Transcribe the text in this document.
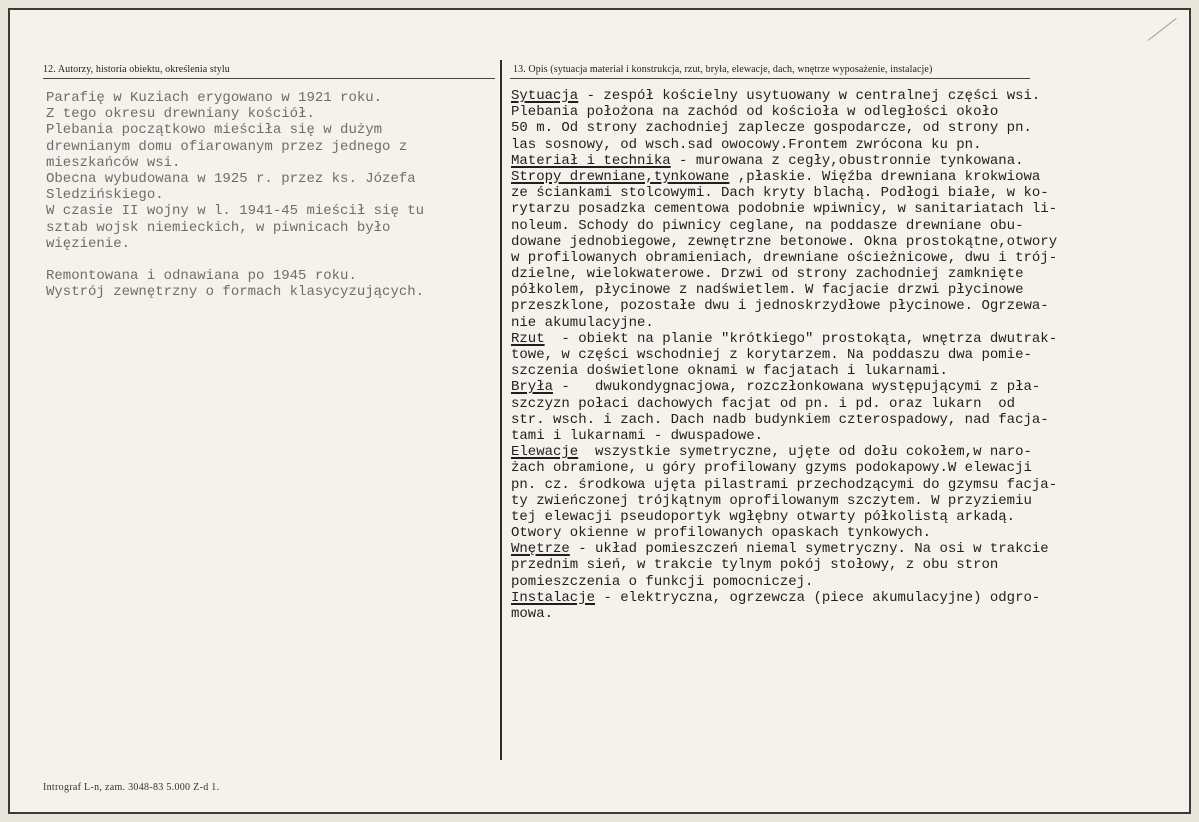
12. Autorzy, historia obiektu, określenia stylu	13. Opis (sytuacja materiał i konstrukcja, rzut, bryła, elewacje, dach, wnętrze wyposażenie, instalacje)
Parafię w Kuziach erygowano w 1921 roku.
Z tego okresu drewniany kościół.
Plebania początkowo mieściła się w dużym
drewnianym domu ofiarowanym przez jednego z
mieszkańców wsi.
Obecna wybudowana w 1925 r. przez ks. Józefa
Sledzińskiego.
W czasie II wojny w l. 1941-45 mieścił się tu
sztab wojsk niemieckich, w piwnicach było
więzienie.
Remontowana i odnawiana po 1945 roku.
Wystrój zewnętrzny o formach klasycyzujących.
Sytuacja - zespół kościelny usytuowany w centralnej części wsi.
Plebania położona na zachód od kościoła w odległości około
50 m. Od strony zachodniej zaplecze gospodarcze, od strony pn.
las sosnowy, od wsch.sad owocowy.Frontem zwrócona ku pn.
Materiał i technika - murowana z cegły,obustronnie tynkowana.
Stropy drewniane,tynkowane ,płaskie. Więźba drewniana krokwiowa
ze ściankami stolcowymi. Dach kryty blachą. Podłogi białe, w ko-
rytarzu posadzka cementowa podobnie wpiwnicy, w sanitariatach li-
noleum. Schody do piwnicy ceglane, na poddasze drewniane obu-
dowane jednobiegowe, zewnętrzne betonowe. Okna prostokątne,otwory
w profilowanych obramieniach, drewniane ościeżnicowe, dwu i trój-
dzielne, wielokwaterowe. Drzwi od strony zachodniej zamknięte
półkolem, płycinowe z nadświetlem. W facjacie drzwi płycinowe
przeszklone, pozostałe dwu i jednoskrzydłowe płycinowe. Ogrzewa-
nie akumulacyjne.
Rzut  - obiekt na planie "krótkiego" prostokąta, wnętrza dwutrak-
towe, w części wschodniej z korytarzem. Na poddaszu dwa pomie-
szczenia doświetlone oknami w facjatach i lukarnami.
Bryła -   dwukondygnacjowa, rozczłonkowana występującymi z pła-
szczyzn połaci dachowych facjat od pn. i pd. oraz lukarn  od
str. wsch. i zach. Dach nadb budynkiem czterospadowy, nad facja-
tami i lukarnami - dwuspadowe.
Elewacje  wszystkie symetryczne, ujęte od dołu cokołem,w naro-
żach obramione, u góry profilowany gzyms podokapowy.W elewacji
pn. cz. środkowa ujęta pilastrami przechodzącymi do gzymsu facja-
ty zwieńczonej trójkątnym oprofilowanym szczytem. W przyziemiu
tej elewacji pseudoportyk wgłębny otwarty półkolistą arkadą.
Otwory okienne w profilowanych opaskach tynkowych.
Wnętrze - układ pomieszczeń niemal symetryczny. Na osi w trakcie
przednim sień, w trakcie tylnym pokój stołowy, z obu stron
pomieszczenia o funkcji pomocniczej.
Instalacje - elektryczna, ogrzewcza (piece akumulacyjne) odgro-
mowa.
Intrograf L-n, zam. 3048-83 5.000 Z-d 1.
